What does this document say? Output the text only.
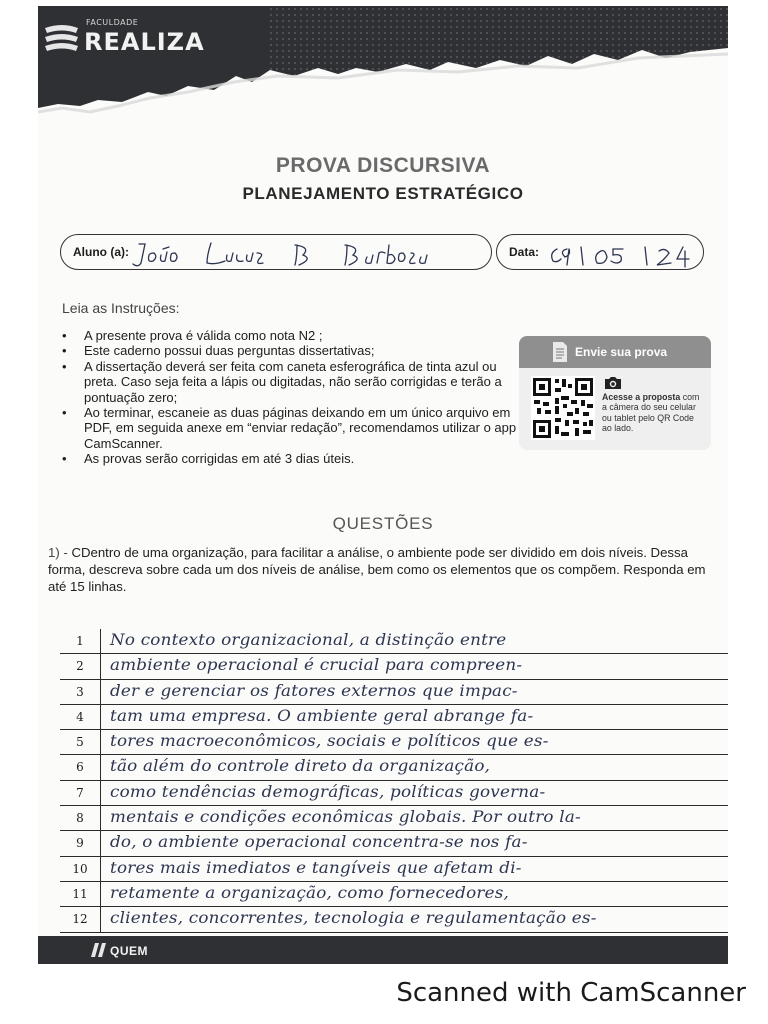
FACULDADE
REALIZA
PROVA DISCURSIVA
PLANEJAMENTO ESTRATÉGICO
Aluno (a):	Data:
Leia as Instruções:
• A presente prova é válida como nota N2 ;
• Este caderno possui duas perguntas dissertativas;
• A dissertação deverá ser feita com caneta esferográfica de tinta azul ou preta. Caso seja feita a lápis ou digitadas, não serão corrigidas e terão a pontuação zero;
• Ao terminar, escaneie as duas páginas deixando em um único arquivo em PDF, em seguida anexe em “enviar redação”, recomendamos utilizar o app CamScanner.
• As provas serão corrigidas em até 3 dias úteis.
Envie sua prova
Acesse a proposta com a câmera do seu celular ou tablet pelo QR Code ao lado.
QUESTÕES
1) - CDentro de uma organização, para facilitar a análise, o ambiente pode ser dividido em dois níveis. Dessa forma, descreva sobre cada um dos níveis de análise, bem como os elementos que os compõem. Responda em até 15 linhas.
1	No contexto organizacional, a distinção entre
2	ambiente operacional é crucial para compreen-
3	der e gerenciar os fatores externos que impac-
4	tam uma empresa. O ambiente geral abrange fa-
5	tores macroeconômicos, sociais e políticos que es-
6	tão além do controle direto da organização,
7	como tendências demográficas, políticas governa-
8	mentais e condições econômicas globais. Por outro la-
9	do, o ambiente operacional concentra-se nos fa-
10	tores mais imediatos e tangíveis que afetam di-
11	retamente a organização, como fornecedores,
12	clientes, concorrentes, tecnologia e regulamentação es-
QUEM
Scanned with CamScanner
